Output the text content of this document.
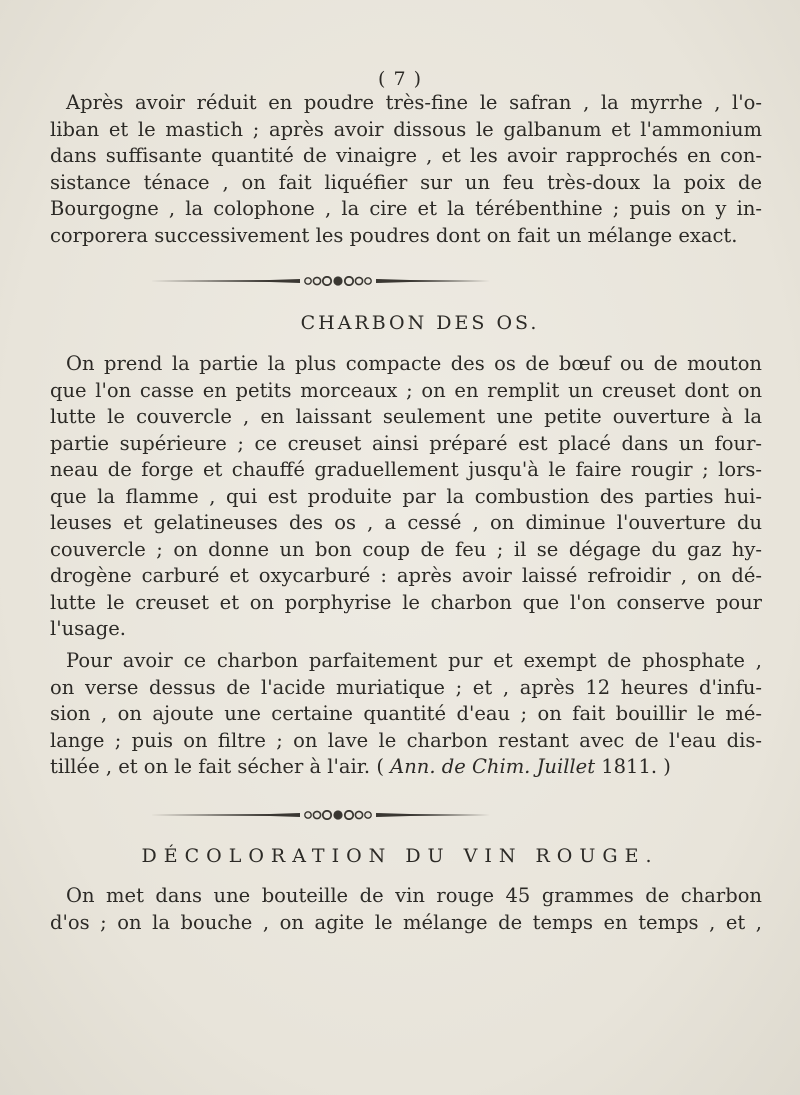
( 7 )
Après avoir réduit en poudre très-fine le safran , la myrrhe , l'o-
liban et le mastich ; après avoir dissous le galbanum et l'ammonium
dans suffisante quantité de vinaigre , et les avoir rapprochés en con-
sistance ténace , on fait liquéfier sur un feu très-doux la poix de
Bourgogne , la colophone , la cire et la térébenthine ; puis on y in-
corporera successivement les poudres dont on fait un mélange exact.
CHARBON DES OS.
On prend la partie la plus compacte des os de bœuf ou de mouton
que l'on casse en petits morceaux ; on en remplit un creuset dont on
lutte le couvercle , en laissant seulement une petite ouverture à la
partie supérieure ; ce creuset ainsi préparé est placé dans un four-
neau de forge et chauffé graduellement jusqu'à le faire rougir ; lors-
que la flamme , qui est produite par la combustion des parties hui-
leuses et gelatineuses des os , a cessé , on diminue l'ouverture du
couvercle ; on donne un bon coup de feu ; il se dégage du gaz hy-
drogène carburé et oxycarburé : après avoir laissé refroidir , on dé-
lutte le creuset et on porphyrise le charbon que l'on conserve pour
l'usage.
Pour avoir ce charbon parfaitement pur et exempt de phosphate ,
on verse dessus de l'acide muriatique ; et , après 12 heures d'infu-
sion , on ajoute une certaine quantité d'eau ; on fait bouillir le mé-
lange ; puis on filtre ; on lave le charbon restant avec de l'eau dis-
tillée , et on le fait sécher à l'air. ( Ann. de Chim. Juillet 1811. )
DÉCOLORATION DU VIN ROUGE.
On met dans une bouteille de vin rouge 45 grammes de charbon
d'os ; on la bouche , on agite le mélange de temps en temps , et ,
